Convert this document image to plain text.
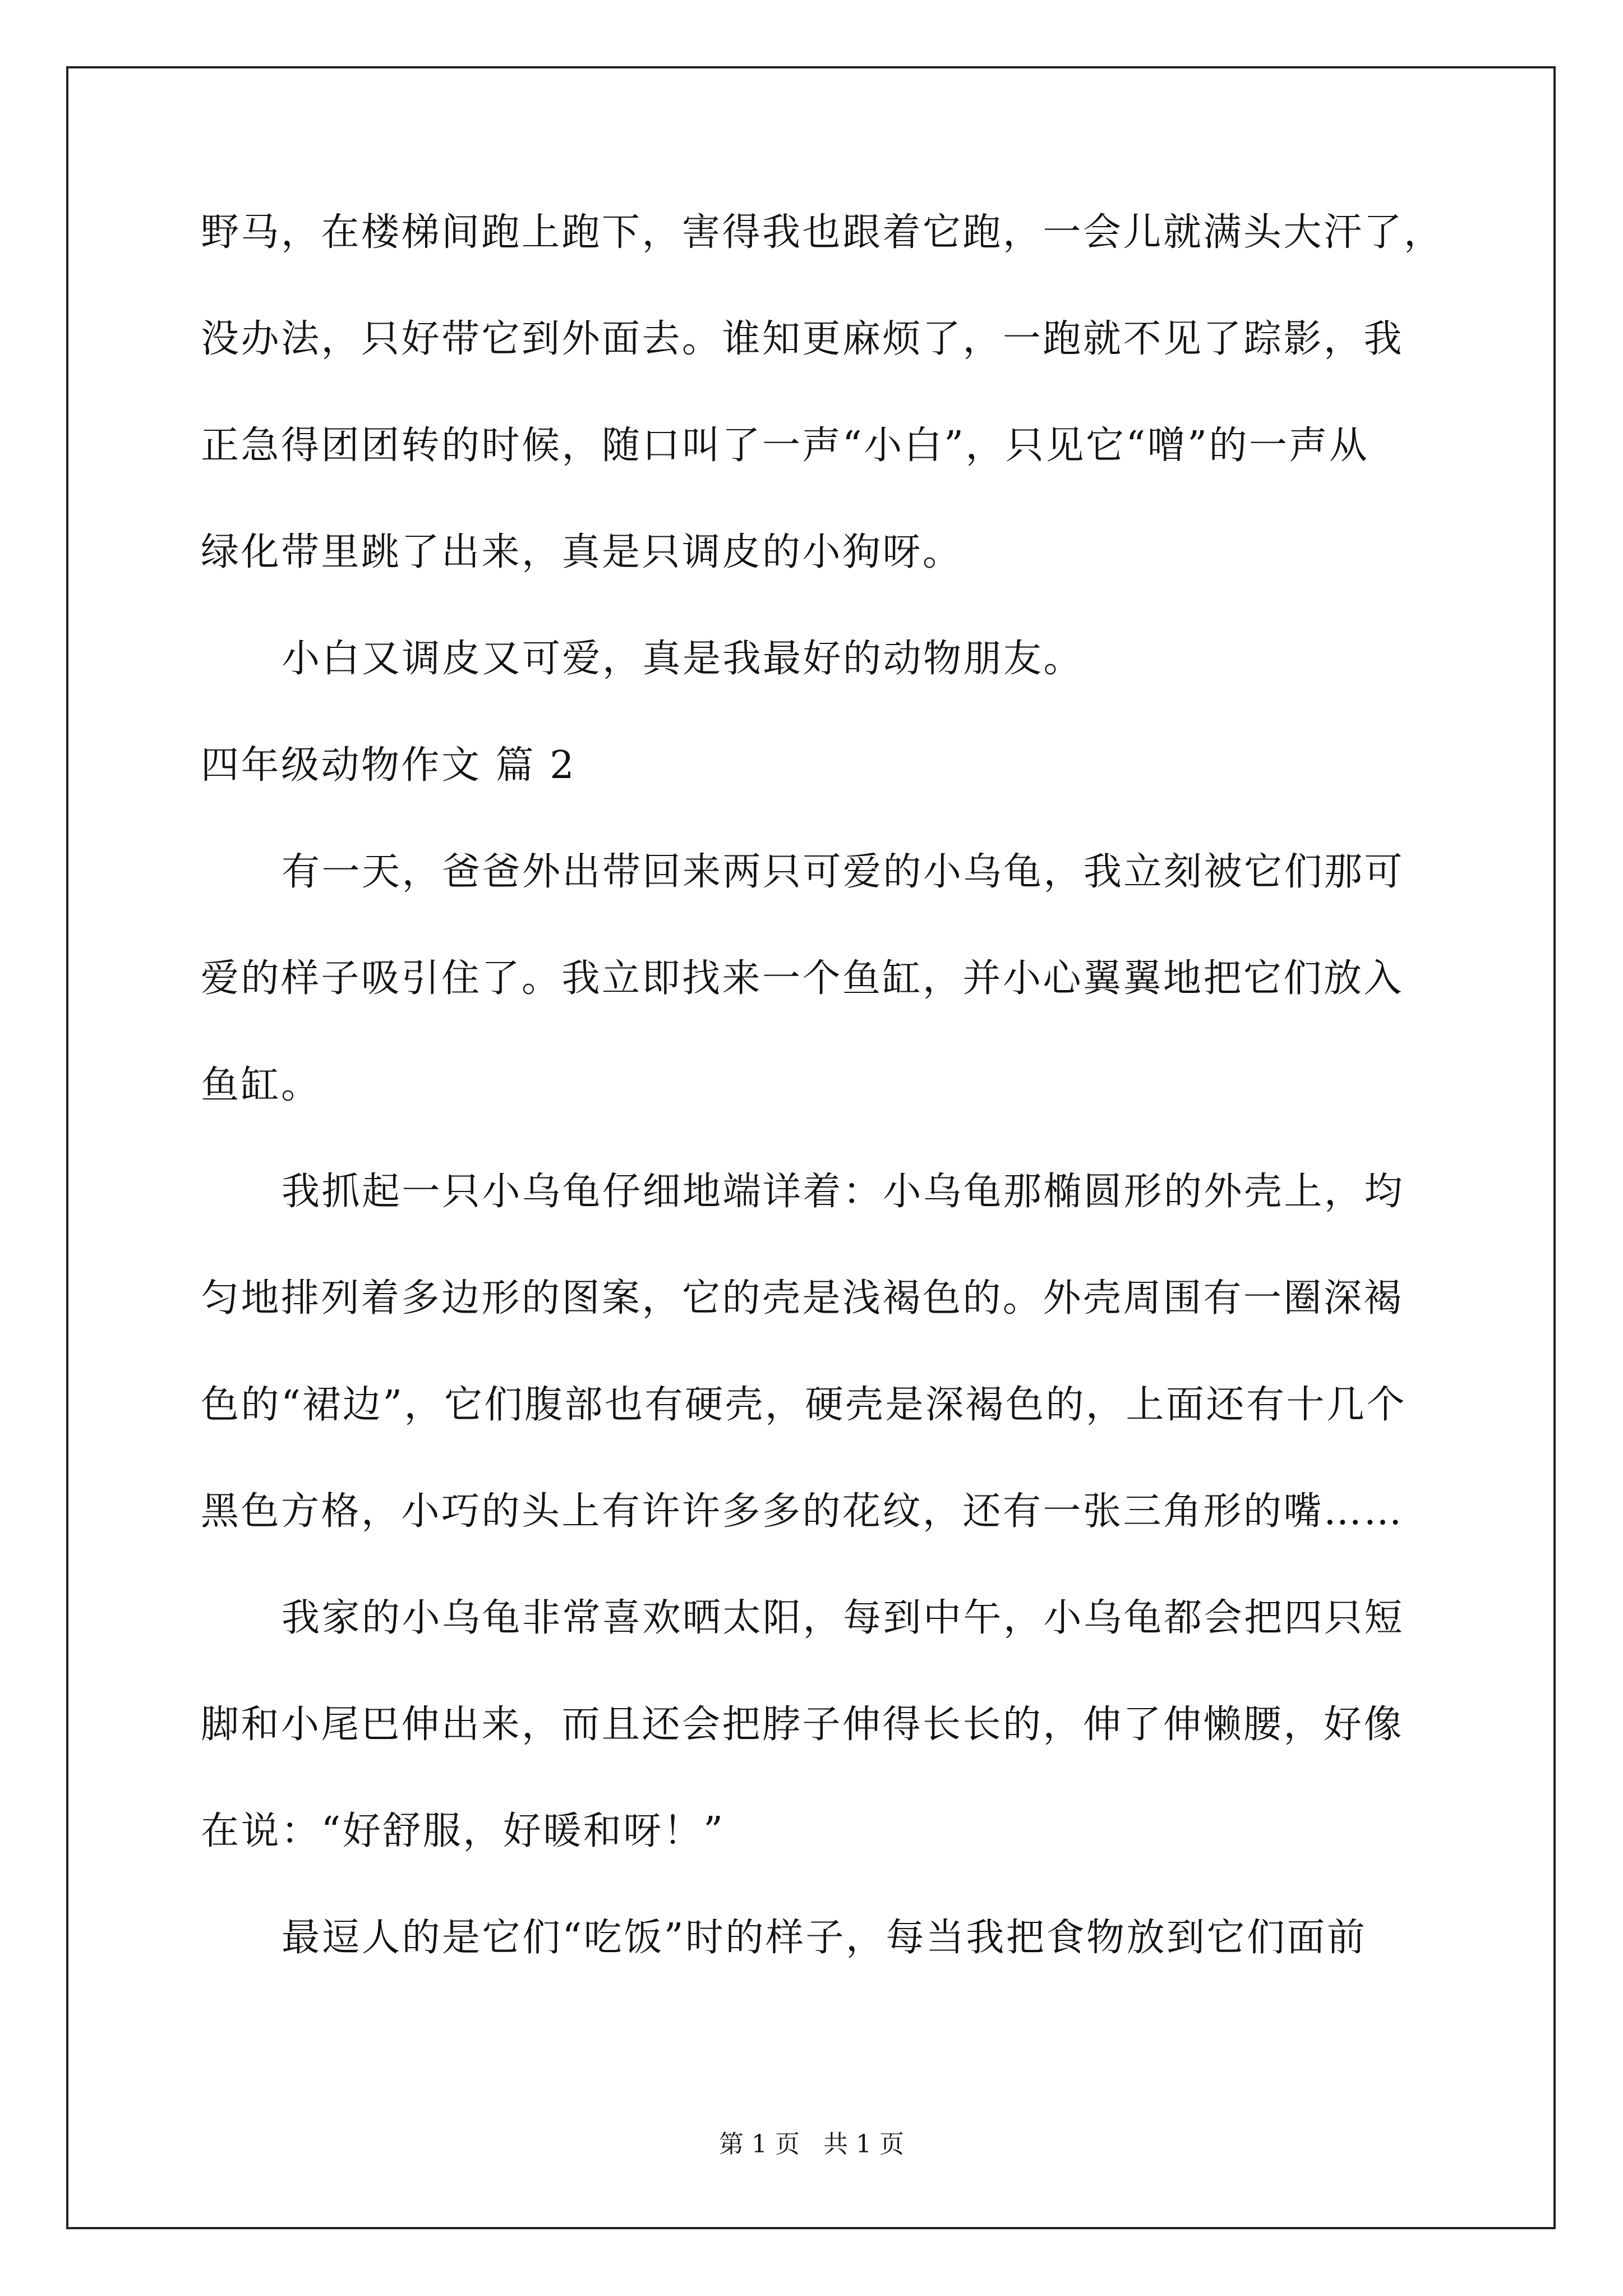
野马，在楼梯间跑上跑下，害得我也跟着它跑，一会儿就满头大汗了，
没办法，只好带它到外面去。谁知更麻烦了，一跑就不见了踪影，我
正急得团团转的时候，随口叫了一声“小白”，只见它“噌”的一声从
绿化带里跳了出来，真是只调皮的小狗呀。
小白又调皮又可爱，真是我最好的动物朋友。
四年级动物作文 篇 2
有一天，爸爸外出带回来两只可爱的小乌龟，我立刻被它们那可
爱的样子吸引住了。我立即找来一个鱼缸，并小心翼翼地把它们放入
鱼缸。
我抓起一只小乌龟仔细地端详着：小乌龟那椭圆形的外壳上，均
匀地排列着多边形的图案，它的壳是浅褐色的。外壳周围有一圈深褐
色的“裙边”，它们腹部也有硬壳，硬壳是深褐色的，上面还有十几个
黑色方格，小巧的头上有许许多多的花纹，还有一张三角形的嘴……
我家的小乌龟非常喜欢晒太阳，每到中午，小乌龟都会把四只短
脚和小尾巴伸出来，而且还会把脖子伸得长长的，伸了伸懒腰，好像
在说：“好舒服，好暖和呀！”
最逗人的是它们“吃饭”时的样子，每当我把食物放到它们面前
第 1 页 共 1 页
